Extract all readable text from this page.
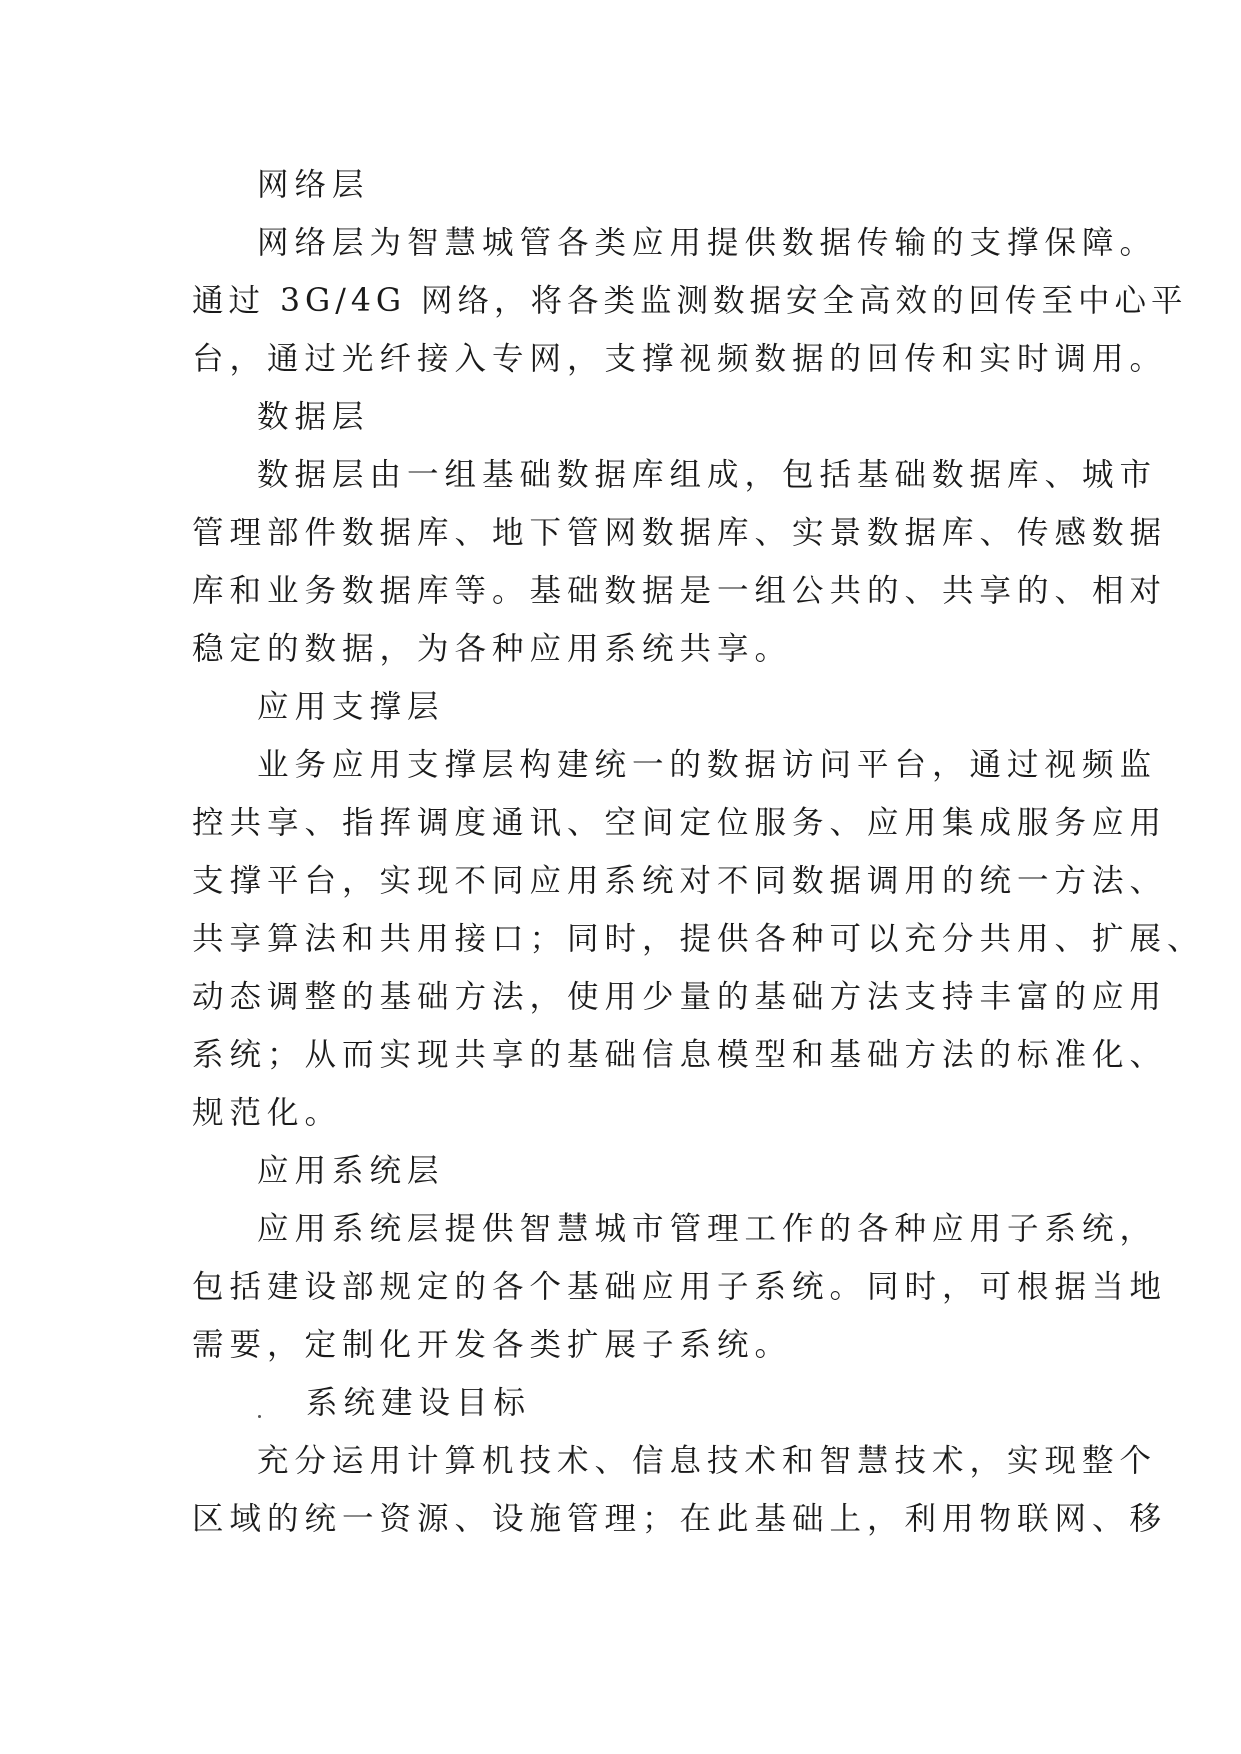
网络层
网络层为智慧城管各类应用提供数据传输的支撑保障。
通过 3G/4G 网络，将各类监测数据安全高效的回传至中心平
台，通过光纤接入专网，支撑视频数据的回传和实时调用。
数据层
数据层由一组基础数据库组成，包括基础数据库、城市
管理部件数据库、地下管网数据库、实景数据库、传感数据
库和业务数据库等。基础数据是一组公共的、共享的、相对
稳定的数据，为各种应用系统共享。
应用支撑层
业务应用支撑层构建统一的数据访问平台，通过视频监
控共享、指挥调度通讯、空间定位服务、应用集成服务应用
支撑平台，实现不同应用系统对不同数据调用的统一方法、
共享算法和共用接口；同时，提供各种可以充分共用、扩展、
动态调整的基础方法，使用少量的基础方法支持丰富的应用
系统；从而实现共享的基础信息模型和基础方法的标准化、
规范化。
应用系统层
应用系统层提供智慧城市管理工作的各种应用子系统，
包括建设部规定的各个基础应用子系统。同时，可根据当地
需要，定制化开发各类扩展子系统。
系统建设目标
充分运用计算机技术、信息技术和智慧技术，实现整个
区域的统一资源、设施管理；在此基础上，利用物联网、移
